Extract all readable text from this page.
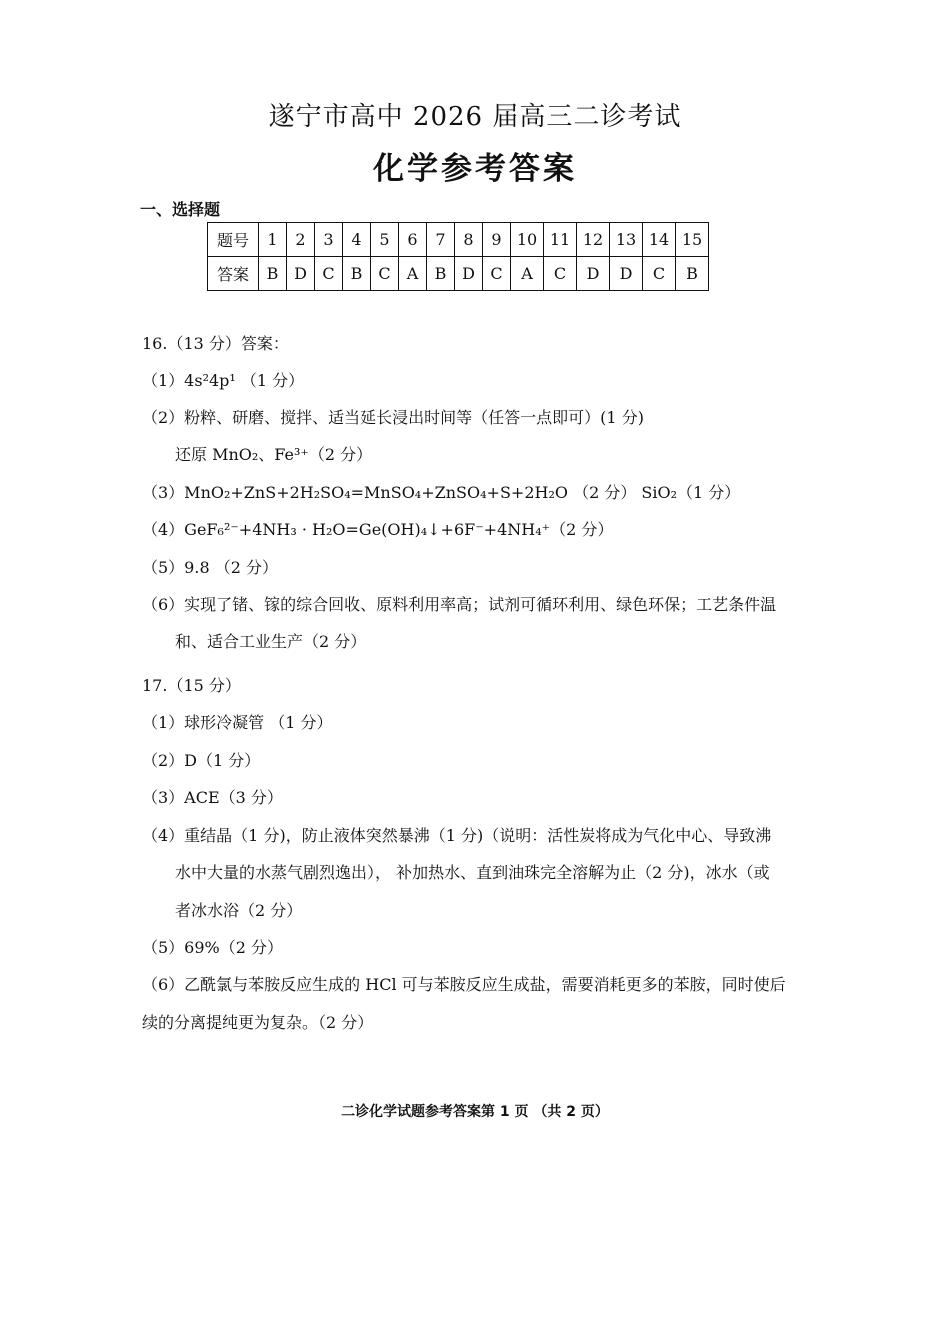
遂宁市高中 2026 届高三二诊考试
化学参考答案
一、选择题
题号	1	2	3	4	5	6	7	8	9	10	11	12	13	14	15
答案	B	D	C	B	C	A	B	D	C	A	C	D	D	C	B
16.（13 分）答案：
（1）4s²4p¹ （1 分）
（2）粉粹、研磨、搅拌、适当延长浸出时间等（任答一点即可）(1 分)
还原 MnO₂、Fe³⁺（2 分）
（3）MnO₂+ZnS+2H₂SO₄=MnSO₄+ZnSO₄+S+2H₂O （2 分） SiO₂（1 分）
（4）GeF₆²⁻+4NH₃ · H₂O=Ge(OH)₄↓+6F⁻+4NH₄⁺（2 分）
（5）9.8 （2 分）
（6）实现了锗、镓的综合回收、原料利用率高；试剂可循环利用、绿色环保；工艺条件温
和、适合工业生产（2 分）
17.（15 分）
（1）球形冷凝管 （1 分）
（2）D（1 分）
（3）ACE（3 分）
（4）重结晶（1 分)，防止液体突然暴沸（1 分)（说明：活性炭将成为气化中心、导致沸
水中大量的水蒸气剧烈逸出）， 补加热水、直到油珠完全溶解为止（2 分)，冰水（或
者冰水浴（2 分）
（5）69%（2 分）
（6）乙酰氯与苯胺反应生成的 HCl 可与苯胺反应生成盐，需要消耗更多的苯胺，同时使后
续的分离提纯更为复杂。（2 分）
二诊化学试题参考答案第 1 页 （共 2 页）
